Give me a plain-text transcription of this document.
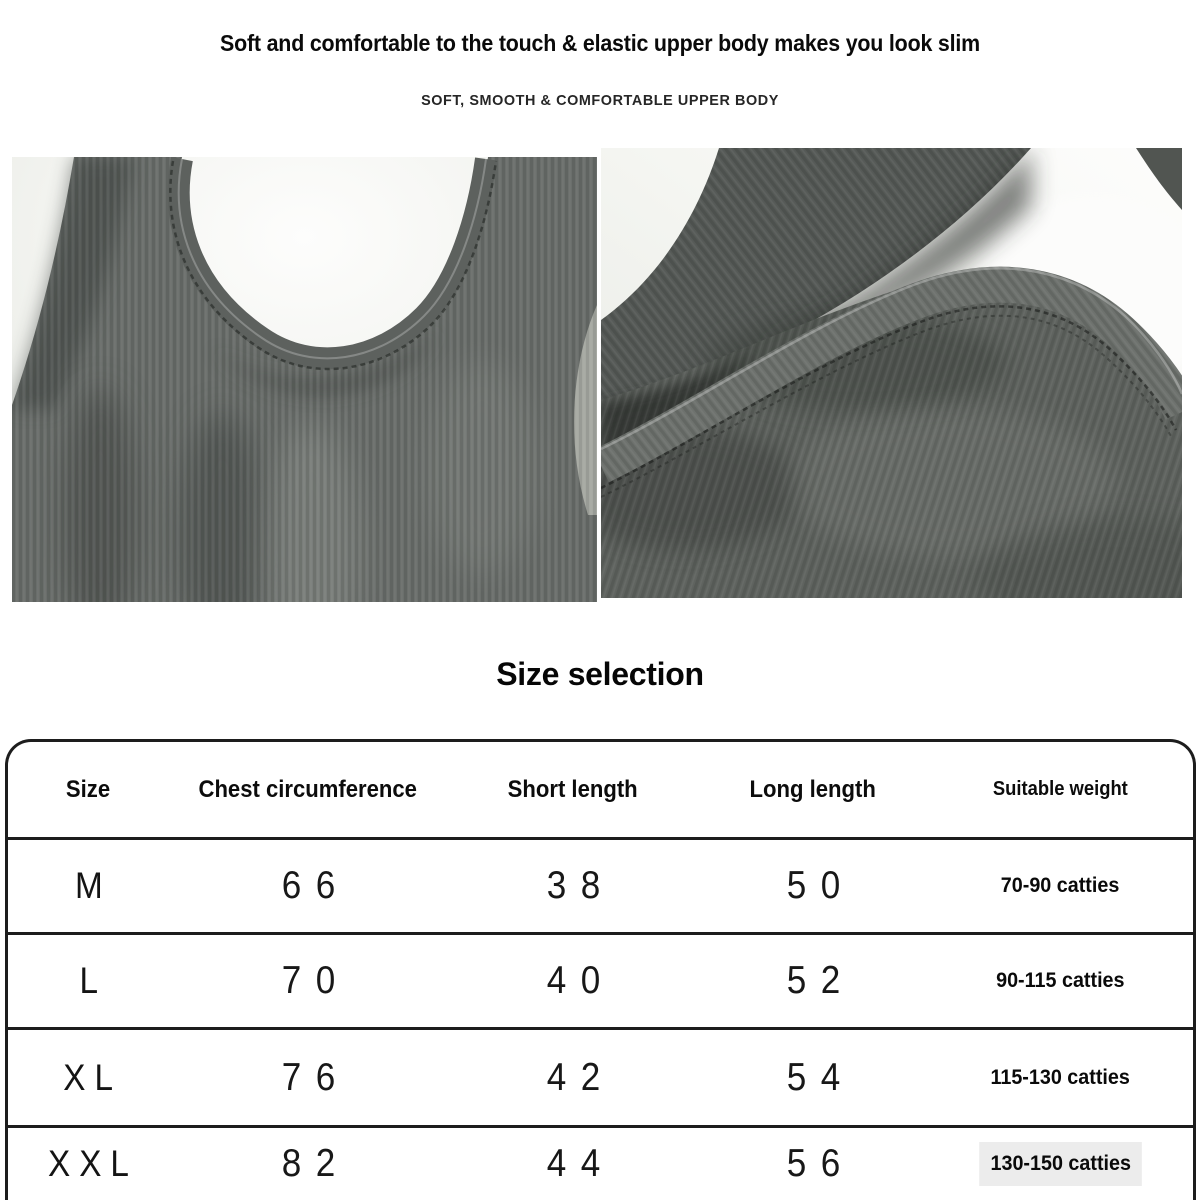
Soft and comfortable to the touch & elastic upper body makes you look slim
SOFT, SMOOTH & COMFORTABLE UPPER BODY
Size selection
Size	Chest circumference	Short length	Long length	Suitable weight
M	66	38	50	70-90 catties
L	70	40	52	90-115 catties
XL	76	42	54	115-130 catties
XXL	82	44	56	130-150 catties
